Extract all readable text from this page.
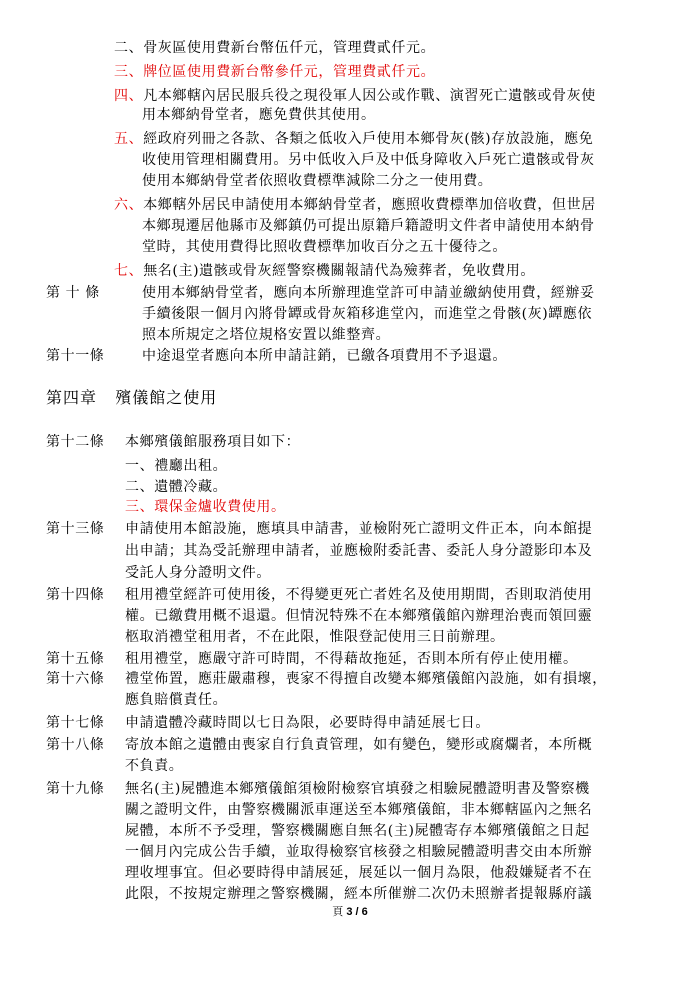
二、骨灰區使用費新台幣伍仟元，管理費貳仟元。
三、牌位區使用費新台幣參仟元，管理費貳仟元。
四、凡本鄉轄內居民服兵役之現役軍人因公或作戰、演習死亡遺骸或骨灰使
用本鄉納骨堂者，應免費供其使用。
五、經政府列冊之各款、各類之低收入戶使用本鄉骨灰(骸)存放設施，應免
收使用管理相關費用。另中低收入戶及中低身障收入戶死亡遺骸或骨灰
使用本鄉納骨堂者依照收費標準減除二分之一使用費。
六、本鄉轄外居民申請使用本鄉納骨堂者，應照收費標準加倍收費，但世居
本鄉現遷居他縣市及鄉鎮仍可提出原籍戶籍證明文件者申請使用本納骨
堂時，其使用費得比照收費標準加收百分之五十優待之。
七、無名(主)遺骸或骨灰經警察機關報請代為殮葬者，免收費用。
第 十 條	使用本鄉納骨堂者，應向本所辦理進堂許可申請並繳納使用費，經辦妥
手續後限一個月內將骨罈或骨灰箱移進堂內，而進堂之骨骸(灰)罈應依
照本所規定之塔位規格安置以維整齊。
第十一條	中途退堂者應向本所申請註銷，已繳各項費用不予退還。
第四章   殯儀館之使用
第十二條 本鄉殯儀館服務項目如下：
一、禮廳出租。
二、遺體冷藏。
三、環保金爐收費使用。
第十三條 申請使用本館設施，應填具申請書，並檢附死亡證明文件正本，向本館提
出申請；其為受託辦理申請者，並應檢附委託書、委託人身分證影印本及
受託人身分證明文件。
第十四條 租用禮堂經許可使用後，不得變更死亡者姓名及使用期間，否則取消使用
權。已繳費用概不退還。但情況特殊不在本鄉殯儀館內辦理治喪而領回靈
柩取消禮堂租用者，不在此限，惟限登記使用三日前辦理。
第十五條 租用禮堂，應嚴守許可時間，不得藉故拖延，否則本所有停止使用權。
第十六條 禮堂佈置，應莊嚴肅穆，喪家不得擅自改變本鄉殯儀館內設施，如有損壞，
應負賠償責任。
第十七條 申請遺體冷藏時間以七日為限，必要時得申請延展七日。
第十八條 寄放本館之遺體由喪家自行負責管理，如有變色，變形或腐爛者，本所概
不負責。
第十九條 無名(主)屍體進本鄉殯儀館須檢附檢察官填發之相驗屍體證明書及警察機
關之證明文件，由警察機關派車運送至本鄉殯儀館，非本鄉轄區內之無名
屍體，本所不予受理，警察機關應自無名(主)屍體寄存本鄉殯儀館之日起
一個月內完成公告手續，並取得檢察官核發之相驗屍體證明書交由本所辦
理收埋事宜。但必要時得申請展延，展延以一個月為限，他殺嫌疑者不在
此限，不按規定辦理之警察機關，經本所催辦二次仍未照辦者提報縣府議
頁 3 / 6
